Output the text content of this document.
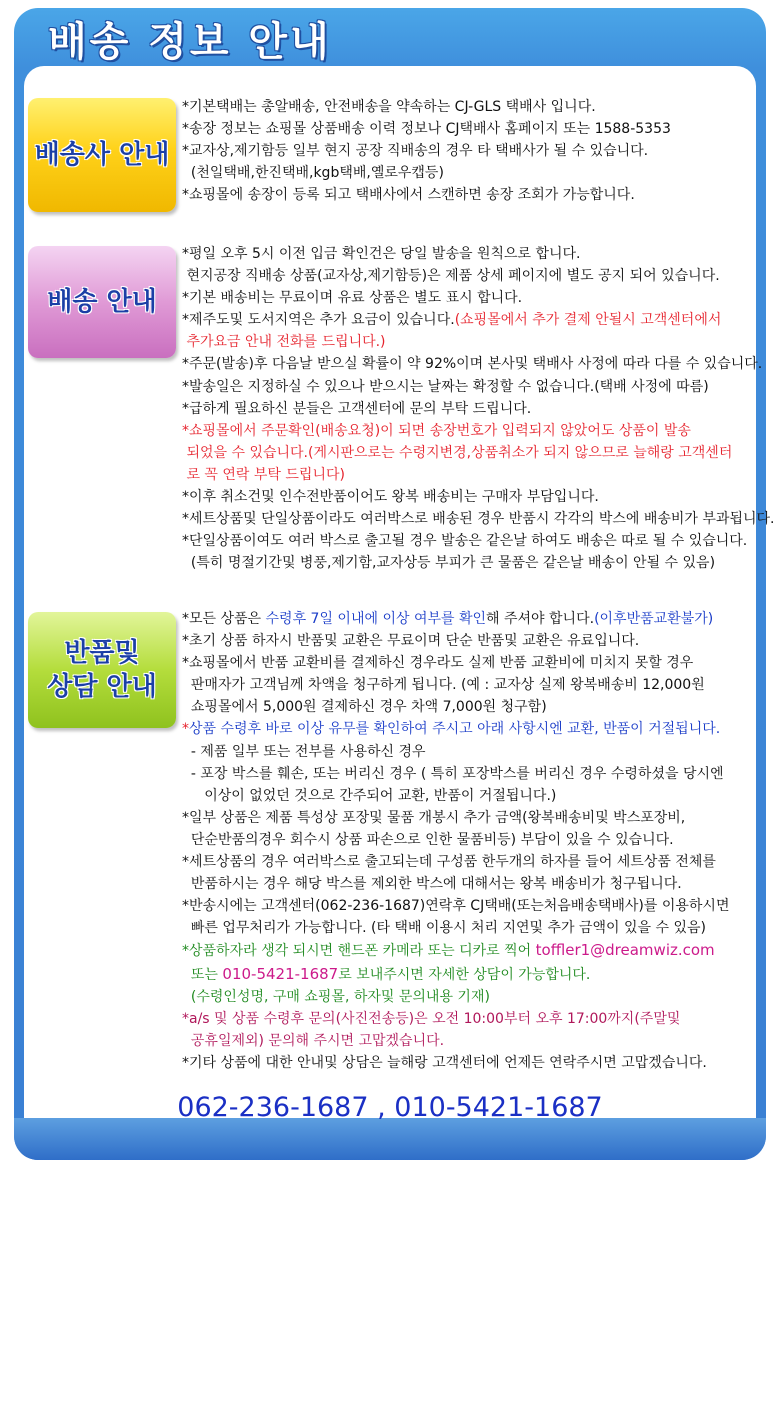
배송 정보 안내
배송사 안내
배송 안내
반품및
상담 안내
*기본택배는 총알배송, 안전배송을 약속하는 CJ-GLS 택배사 입니다.
*송장 정보는 쇼핑몰 상품배송 이력 정보나 CJ택배사 홈페이지 또는 1588-5353
*교자상,제기함등 일부 현지 공장 직배송의 경우 타 택배사가 될 수 있습니다.
(천일택배,한진택배,kgb택배,옐로우캡등)
*쇼핑몰에 송장이 등록 되고 택배사에서 스캔하면 송장 조회가 가능합니다.
*평일 오후 5시 이전 입금 확인건은 당일 발송을 원칙으로 합니다.
현지공장 직배송 상품(교자상,제기함등)은 제품 상세 페이지에 별도 공지 되어 있습니다.
*기본 배송비는 무료이며 유료 상품은 별도 표시 합니다.
*제주도및 도서지역은 추가 요금이 있습니다.(쇼핑몰에서 추가 결제 안될시 고객센터에서
추가요금 안내 전화를 드립니다.)
*주문(발송)후 다음날 받으실 확률이 약 92%이며 본사및 택배사 사정에 따라 다를 수 있습니다.
*발송일은 지정하실 수 있으나 받으시는 날짜는 확정할 수 없습니다.(택배 사정에 따름)
*급하게 필요하신 분들은 고객센터에 문의 부탁 드립니다.
*쇼핑몰에서 주문확인(배송요청)이 되면 송장번호가 입력되지 않았어도 상품이 발송
되었을 수 있습니다.(게시판으로는 수령지변경,상품취소가 되지 않으므로 늘해랑 고객센터
로 꼭 연락 부탁 드립니다)
*이후 취소건및 인수전반품이어도 왕복 배송비는 구매자 부담입니다.
*세트상품및 단일상품이라도 여러박스로 배송된 경우 반품시 각각의 박스에 배송비가 부과됩니다.
*단일상품이여도 여러 박스로 출고될 경우 발송은 같은날 하여도 배송은 따로 될 수 있습니다.
(특히 명절기간및 병풍,제기함,교자상등 부피가 큰 물품은 같은날 배송이 안될 수 있음)
*모든 상품은 수령후 7일 이내에 이상 여부를 확인해 주셔야 합니다.(이후반품교환불가)
*초기 상품 하자시 반품및 교환은 무료이며 단순 반품및 교환은 유료입니다.
*쇼핑몰에서 반품 교환비를 결제하신 경우라도 실제 반품 교환비에 미치지 못할 경우
판매자가 고객님께 차액을 청구하게 됩니다. (예 : 교자상 실제 왕복배송비 12,000원
쇼핑몰에서 5,000원 결제하신 경우 차액 7,000원 청구함)
*상품 수령후 바로 이상 유무를 확인하여 주시고 아래 사항시엔 교환, 반품이 거절됩니다.
- 제품 일부 또는 전부를 사용하신 경우
- 포장 박스를 훼손, 또는 버리신 경우 ( 특히 포장박스를 버리신 경우 수령하셨을 당시엔
이상이 없었던 것으로 간주되어 교환, 반품이 거절됩니다.)
*일부 상품은 제품 특성상 포장및 물품 개봉시 추가 금액(왕복배송비및 박스포장비,
단순반품의경우 회수시 상품 파손으로 인한 물품비등) 부담이 있을 수 있습니다.
*세트상품의 경우 여러박스로 출고되는데 구성품 한두개의 하자를 들어 세트상품 전체를
반품하시는 경우 해당 박스를 제외한 박스에 대해서는 왕복 배송비가 청구됩니다.
*반송시에는 고객센터(062-236-1687)연락후 CJ택배(또는처음배송택배사)를 이용하시면
빠른 업무처리가 가능합니다. (타 택배 이용시 처리 지연및 추가 금액이 있을 수 있음)
*상품하자라 생각 되시면 핸드폰 카메라 또는 디카로 찍어 toffler1@dreamwiz.com
또는 010-5421-1687로 보내주시면 자세한 상담이 가능합니다.
(수령인성명, 구매 쇼핑몰, 하자및 문의내용 기재)
*a/s 및 상품 수령후 문의(사진전송등)은 오전 10:00부터 오후 17:00까지(주말및
공휴일제외) 문의해 주시면 고맙겠습니다.
*기타 상품에 대한 안내및 상담은 늘해랑 고객센터에 언제든 연락주시면 고맙겠습니다.
062-236-1687 , 010-5421-1687
